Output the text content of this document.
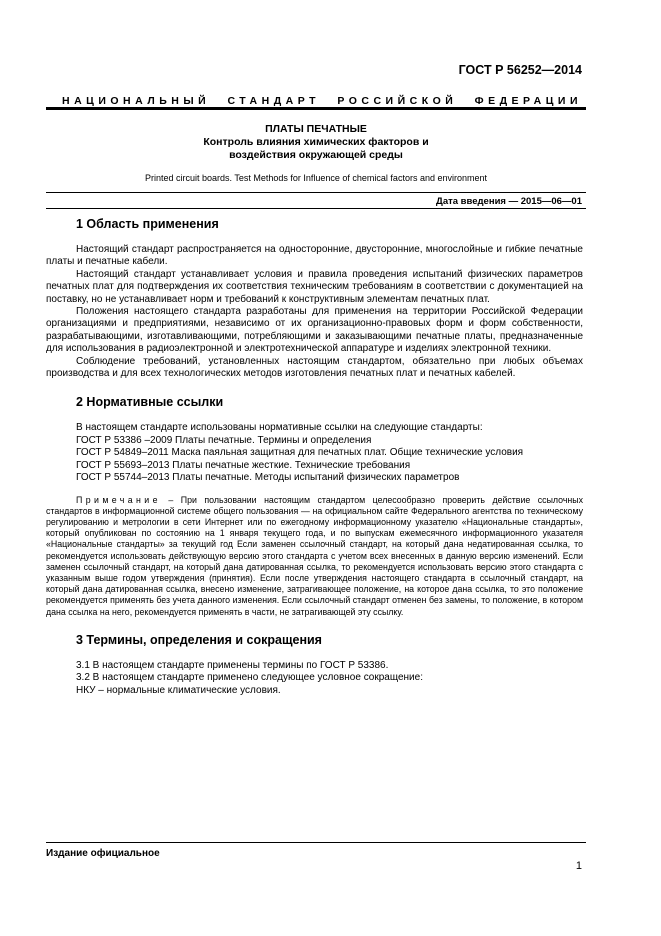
ГОСТ Р 56252—2014
НАЦИОНАЛЬНЫЙ СТАНДАРТ РОССИЙСКОЙ ФЕДЕРАЦИИ
ПЛАТЫ ПЕЧАТНЫЕ
Контроль влияния химических факторов и
воздействия окружающей среды
Printed circuit boards. Test Methods for Influence of chemical factors and environment
Дата введения — 2015—06—01
1 Область применения

Настоящий стандарт распространяется на односторонние, двусторонние, многослойные и гибкие печатные платы и печатные кабели.

Настоящий стандарт устанавливает условия и правила проведения испытаний физических параметров печатных плат для подтверждения их соответствия техническим требованиям в соответствии с документацией на поставку, но не устанавливает норм и требований к конструктивным элементам печатных плат.

Положения настоящего стандарта разработаны для применения на территории Российской Федерации организациями и предприятиями, независимо от их организационно-правовых форм и форм собственности, разрабатывающими, изготавливающими, потребляющими и заказывающими печатные платы, предназначенные для использования в радиоэлектронной и электротехнической аппаратуре и изделиях электронной техники.

Соблюдение требований, установленных настоящим стандартом, обязательно при любых объемах производства и для всех технологических методов изготовления печатных плат и печатных кабелей.

2 Нормативные ссылки

В настоящем стандарте использованы нормативные ссылки на следующие стандарты:

ГОСТ Р 53386 –2009 Платы печатные. Термины и определения

ГОСТ Р 54849–2011 Маска паяльная защитная для печатных плат. Общие технические условия

ГОСТ Р 55693–2013 Платы печатные жесткие. Технические требования

ГОСТ Р 55744–2013 Платы печатные. Методы испытаний физических параметров

Примечание – При пользовании настоящим стандартом целесообразно проверить действие ссылочных стандартов в информационной системе общего пользования — на официальном сайте Федерального агентства по техническому регулированию и метрологии в сети Интернет или по ежегодному информационному указателю «Национальные стандарты», который опубликован по состоянию на 1 января текущего года, и по выпускам ежемесячного информационного указателя «Национальные стандарты» за текущий год Если заменен ссылочный стандарт, на который дана недатированная ссылка, то рекомендуется использовать действующую версию этого стандарта с учетом всех внесенных в данную версию изменений. Если заменен ссылочный стандарт, на который дана датированная ссылка, то рекомендуется использовать версию этого стандарта с указанным выше годом утверждения (принятия). Если после утверждения настоящего стандарта в ссылочный стандарт, на который дана датированная ссылка, внесено изменение, затрагивающее положение, на которое дана ссылка, то это положение рекомендуется применять без учета данного изменения. Если ссылочный стандарт отменен без замены, то положение, в котором дана ссылка на него, рекомендуется применять в части, не затрагивающей эту ссылку.

3 Термины, определения и сокращения

3.1 В настоящем стандарте применены термины по ГОСТ Р 53386.

3.2 В настоящем стандарте применено следующее условное сокращение:

НКУ – нормальные климатические условия.

Издание официальное
1
